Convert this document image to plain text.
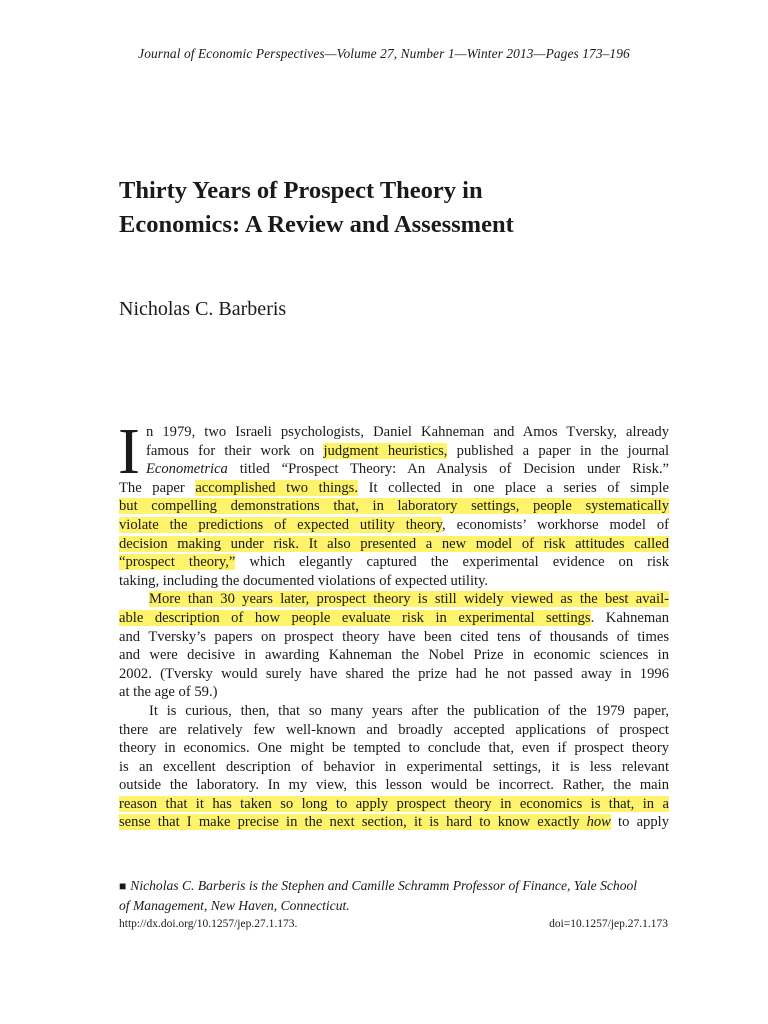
Journal of Economic Perspectives—Volume 27, Number 1—Winter 2013—Pages 173–196
Thirty Years of Prospect Theory in
Economics: A Review and Assessment

Nicholas C. Barberis

I n 1979, two Israeli psychologists, Daniel Kahneman and Amos Tversky, already
famous for their work on judgment heuristics, published a paper in the journal
Econometrica titled “Prospect Theory: An Analysis of Decision under Risk.”
The paper accomplished two things. It collected in one place a series of simple
but compelling demonstrations that, in laboratory settings, people systematically
violate the predictions of expected utility theory, economists’ workhorse model of
decision making under risk. It also presented a new model of risk attitudes called
“prospect theory,” which elegantly captured the experimental evidence on risk
taking, including the documented violations of expected utility.
More than 30 years later, prospect theory is still widely viewed as the best avail-
able description of how people evaluate risk in experimental settings. Kahneman
and Tversky’s papers on prospect theory have been cited tens of thousands of times
and were decisive in awarding Kahneman the Nobel Prize in economic sciences in
2002. (Tversky would surely have shared the prize had he not passed away in 1996
at the age of 59.)
It is curious, then, that so many years after the publication of the 1979 paper,
there are relatively few well-known and broadly accepted applications of prospect
theory in economics. One might be tempted to conclude that, even if prospect theory
is an excellent description of behavior in experimental settings, it is less relevant
outside the laboratory. In my view, this lesson would be incorrect. Rather, the main
reason that it has taken so long to apply prospect theory in economics is that, in a
sense that I make precise in the next section, it is hard to know exactly how to apply

■ Nicholas C. Barberis is the Stephen and Camille Schramm Professor of Finance, Yale School
of Management, New Haven, Connecticut.

http://dx.doi.org/10.1257/jep.27.1.173.	doi=10.1257/jep.27.1.173
